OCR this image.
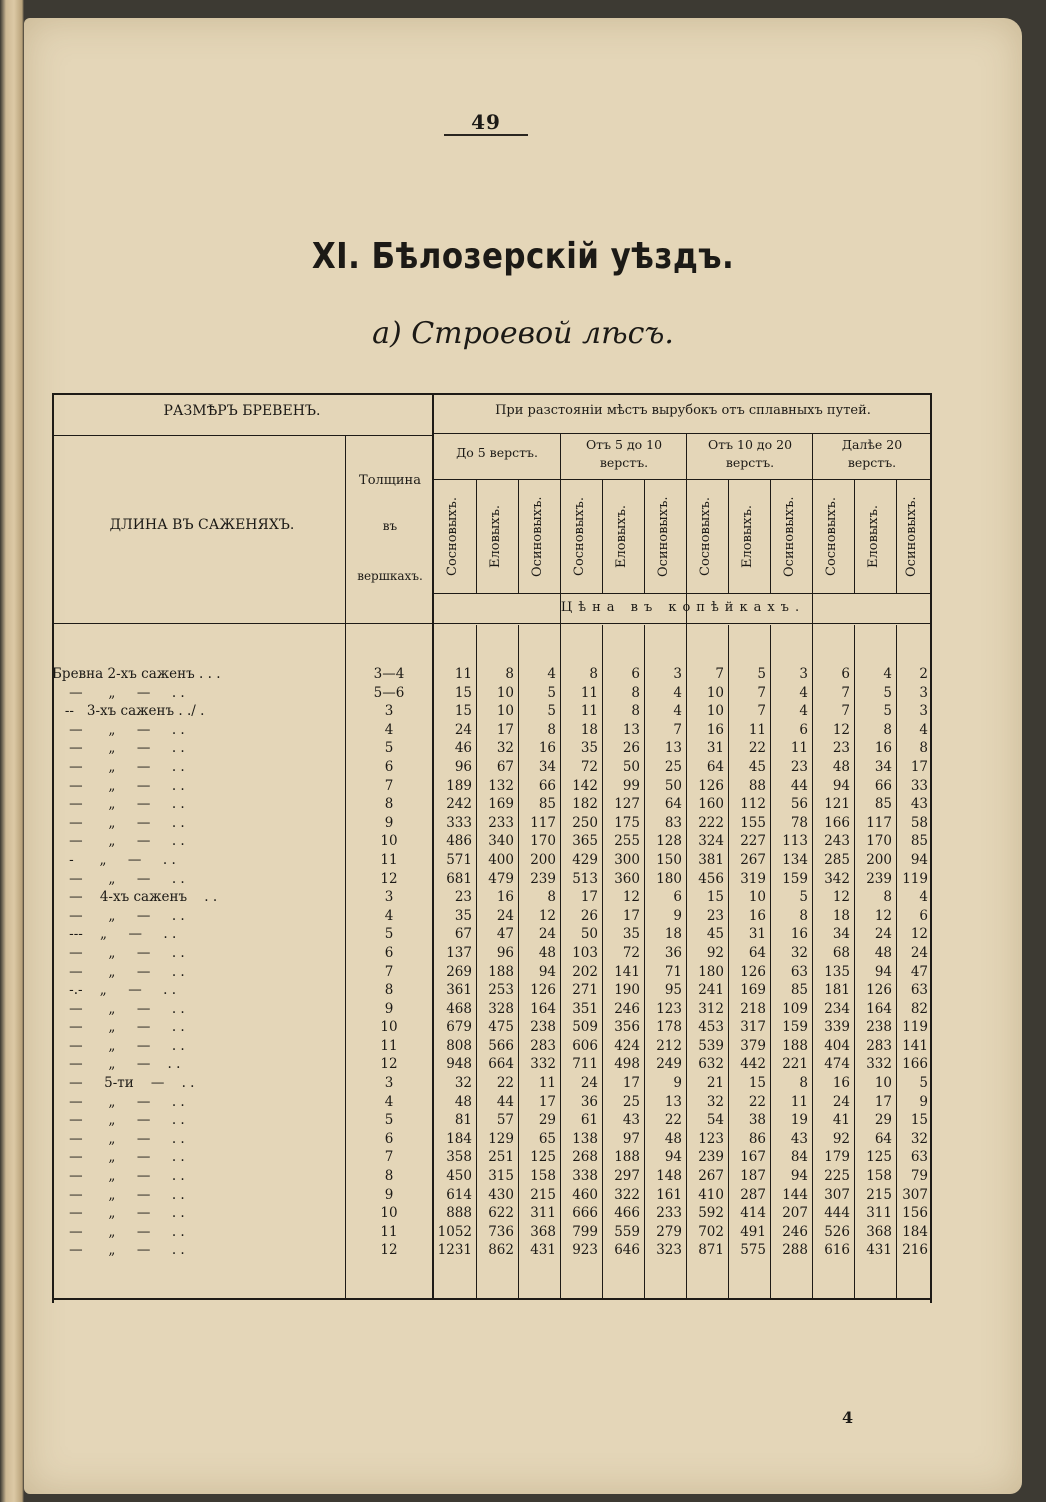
49
XI. Бѣлозерскій уѣздъ.
а) Строевой лѣсъ.
РАЗМѢРЪ БРЕВЕНЪ.	При разстояніи мѣстъ вырубокъ отъ сплавныхъ путей.
ДЛИНА ВЪ САЖЕНЯХЪ.
Толщина
въ
вершкахъ.
До 5 верстъ.
Отъ 5 до 10
верстъ.
Отъ 10 до 20
верстъ.
Далѣе 20
верстъ.
Сосновыхъ. Еловыхъ. Осиновыхъ. Сосновыхъ. Еловыхъ. Осиновыхъ. Сосновыхъ. Еловыхъ. Осиновыхъ. Сосновыхъ. Еловыхъ. Осиновыхъ.
Цѣна въ копѣйкахъ.
Бревна 2-хъ саженъ . . .	3—4	11 8 4 8 6 3 7 5 3 6 4 2
—      „     —     . .	5—6	15 10 5 11 8 4 10 7 4 7 5 3
--   3-хъ саженъ . ./ .	3	15 10 5 11 8 4 10 7 4 7 5 3
—      „     —     . .	4	24 17 8 18 13 7 16 11 6 12 8 4
—      „     —     . .	5	46 32 16 35 26 13 31 22 11 23 16 8
—      „     —     . .	6	96 67 34 72 50 25 64 45 23 48 34 17
—      „     —     . .	7	189 132 66 142 99 50 126 88 44 94 66 33
—      „     —     . .	8	242 169 85 182 127 64 160 112 56 121 85 43
—      „     —     . .	9	333 233 117 250 175 83 222 155 78 166 117 58
—      „     —     . .	10	486 340 170 365 255 128 324 227 113 243 170 85
-      „     —     . .	11	571 400 200 429 300 150 381 267 134 285 200 94
—      „     —     . .	12	681 479 239 513 360 180 456 319 159 342 239 119
—    4-хъ саженъ    . .	3	23 16 8 17 12 6 15 10 5 12 8 4
—      „     —     . .	4	35 24 12 26 17 9 23 16 8 18 12 6
---    „     —     . .	5	67 47 24 50 35 18 45 31 16 34 24 12
—      „     —     . .	6	137 96 48 103 72 36 92 64 32 68 48 24
—      „     —     . .	7	269 188 94 202 141 71 180 126 63 135 94 47
-.-    „     —     . .	8	361 253 126 271 190 95 241 169 85 181 126 63
—      „     —     . .	9	468 328 164 351 246 123 312 218 109 234 164 82
—      „     —     . .	10	679 475 238 509 356 178 453 317 159 339 238 119
—      „     —     . .	11	808 566 283 606 424 212 539 379 188 404 283 141
—      „     —    . .	12	948 664 332 711 498 249 632 442 221 474 332 166
—     5-ти    —    . .	3	32 22 11 24 17 9 21 15 8 16 10 5
—      „     —     . .	4	48 44 17 36 25 13 32 22 11 24 17 9
—      „     —     . .	5	81 57 29 61 43 22 54 38 19 41 29 15
—      „     —     . .	6	184 129 65 138 97 48 123 86 43 92 64 32
—      „     —     . .	7	358 251 125 268 188 94 239 167 84 179 125 63
—      „     —     . .	8	450 315 158 338 297 148 267 187 94 225 158 79
—      „     —     . .	9	614 430 215 460 322 161 410 287 144 307 215 307
—      „     —     . .	10	888 622 311 666 466 233 592 414 207 444 311 156
—      „     —     . .	11	1052 736 368 799 559 279 702 491 246 526 368 184
—      „     —     . .	12	1231 862 431 923 646 323 871 575 288 616 431 216
4
